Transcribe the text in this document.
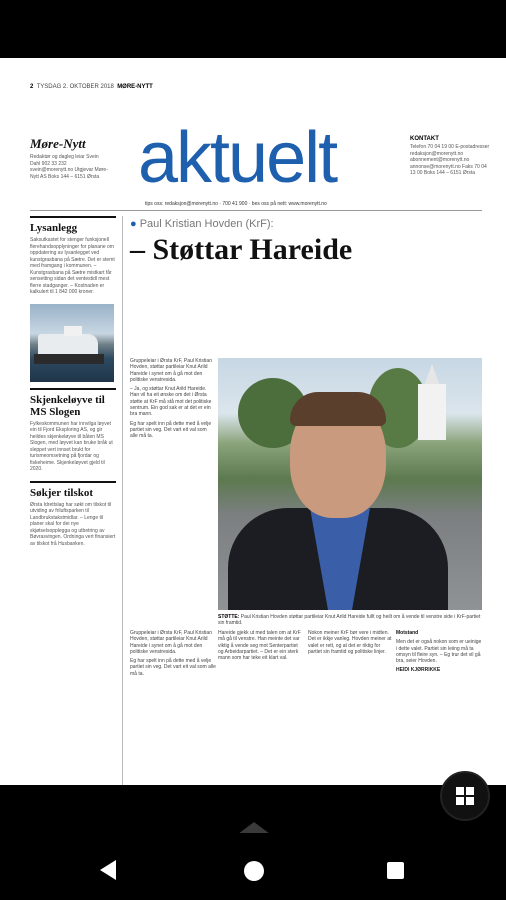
2 TYSDAG 2. OKTOBER 2018 MØRE-NYTT
Møre-Nytt
Redaktør og dagleg leiar Svein Dahl 902 33 232 svein@morenytt.no Utgjevar Møre-Nytt AS Boks 144 – 6151 Ørsta aktuelt	KONTAKT
Telefon 70 04 19 00 E-postadresser redaksjon@morenytt.no abonnement@morenytt.no annonse@morenytt.no Faks 70 04 13 00 Boks 144 – 6151 Ørsta
tips oss: redaksjon@morenytt.no · 700 41 900 · bes oss på nett: www.morenytt.no
Lysanlegg
Saksutkastet for stenger funksjonell flerehandsopplyninger for planane om oppdatering av lysanlegget ved kunstgrasbana på Sætre. Det er stemt med framgang i kommunen. – Kunstgrasbana på Sætre mistkart får sensetting sidan det ventestidl mest flerre stadganger. – Kostnaden er kalkulert til 1 842 000 kroner.
Skjenkeløyve til MS Slogen
Fylkeskommunen har innvilga løyvet ein til Fjord Eksploring AS, og gir heildes skjenkeløyve til båten MS Slogen, med løyvet kan bruke bråk ut sleppet vert innset brukt for turismeomsetning på fjordar og fiskeheime. Skjenkeløyvet gjeld til 2020.
Søkjer tilskot
Ørsta Idrettslag har søkt om tilskot til utviding av friluftsparken til Landbrukstakstmidlar. – Lenge til planer skal for dei nye skjøtselsopplegga og utbetring av Bøvrasvingen. Ordninga vert finansiert av tilskot frå Husbanken.
● Paul Kristian Hovden (KrF):
– Støttar Hareide

Gruppeleiar i Ørsta KrF, Paul Kristian Hovden, støttar partileiar Knut Arild Hareide i synet om å gå mot den politiske venstresida.

– Ja, og støttar Knut Arild Hareide. Han vil ha eit ønske om det i Ørsta støtte at KrF må stå mot det politiske sentrum. Ein god sak er at det er ein bra mann.

Eg har spelt inn på dette med å velje partiet sin veg. Det vart eit val som alle må ta.

STØTTE: Paul Kristian Hovden støttar partileiar Knut Arild Hareide fullt og heilt om å vende til venstre side i KrF-partiet sin framtid.

Gruppeleiar i Ørsta KrF, Paul Kristian Hovden, støttar partileiar Knut Arild Hareide i synet om å gå mot den politiske venstresida.

Eg har spelt inn på dette med å velje partiet sin veg. Det vart eit val som alle må ta.

Hareide gjekk ut med talen om at KrF må gå til venstre. Han meinte det var viktig å vende seg mot Senterpartiet og Arbeidarpartiet. – Det er ein sterk mann som har teke eit klart val.

Nokon meiner KrF bør vere i midten. Det er ikkje vanleg. Hovden meiner at valet er rett, og at det er riktig for partiet sin framtid og politiske linjer.

Motstand

Men det er også nokon som er ueinige i dette valet. Partiet sin leiing må ta omsyn til fleire syn. – Eg trur det vil gå bra, seier Hovden.

HEIDI KJØRRIKKE
